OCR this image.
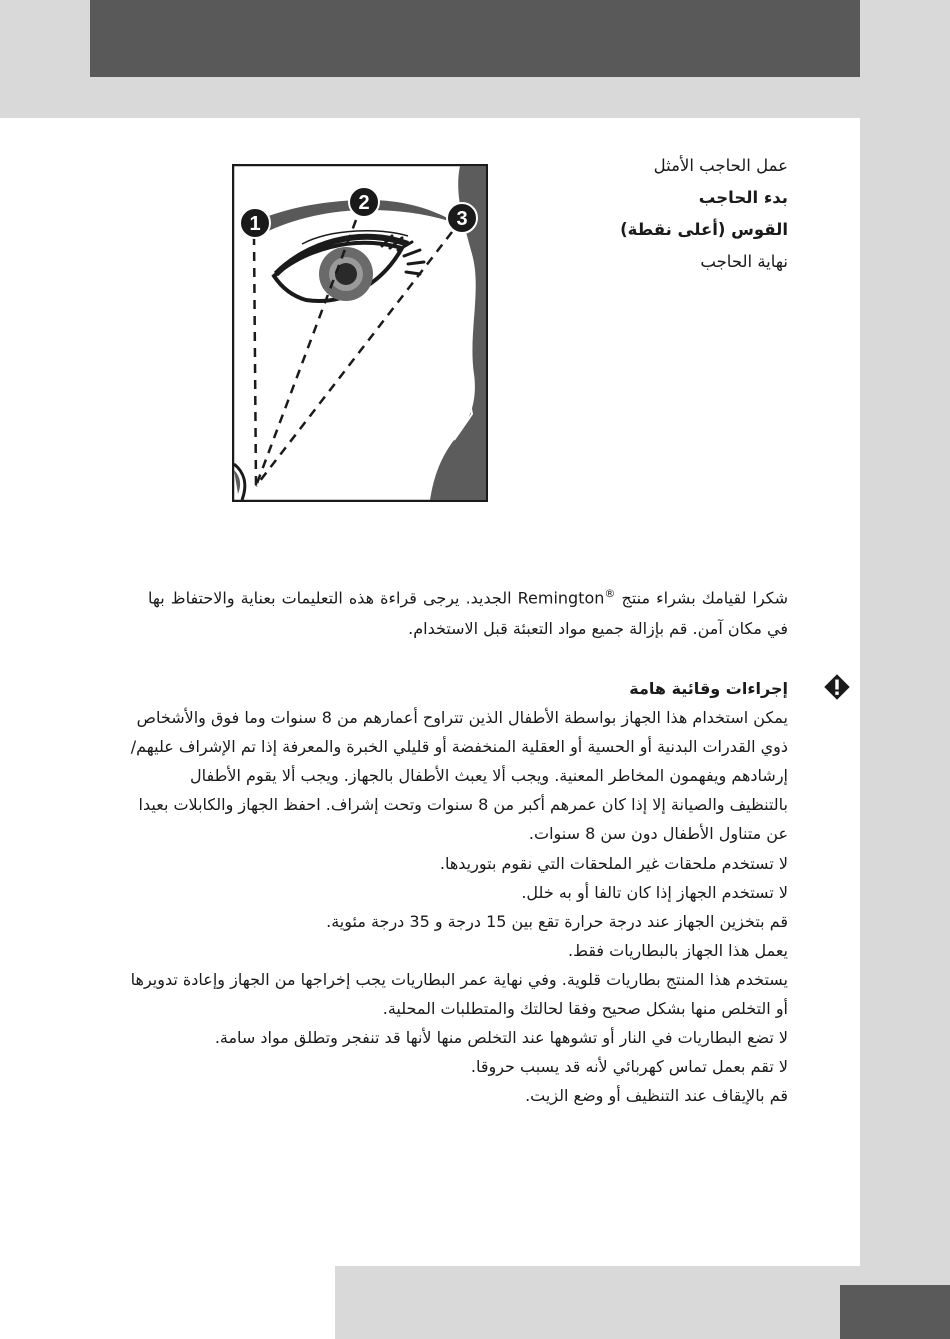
1
2
3
عمل الحاجب الأمثل
بدء الحاجب
القوس (أعلى نقطة)
نهاية الحاجب
شكرا لقيامك بشراء منتج ®Remington الجديد. يرجى قراءة هذه التعليمات بعناية والاحتفاظ بها في مكان آمن. قم بإزالة جميع مواد التعبئة قبل الاستخدام.
إجراءات وقائية هامة

يمكن استخدام هذا الجهاز بواسطة الأطفال الذين تتراوح أعمارهم من 8 سنوات وما فوق والأشخاص ذوي القدرات البدنية أو الحسية أو العقلية المنخفضة أو قليلي الخبرة والمعرفة إذا تم الإشراف عليهم/إرشادهم ويفهمون المخاطر المعنية. ويجب ألا يعبث الأطفال بالجهاز. ويجب ألا يقوم الأطفال بالتنظيف والصيانة إلا إذا كان عمرهم أكبر من 8 سنوات وتحت إشراف. احفظ الجهاز والكابلات بعيدا عن متناول الأطفال دون سن 8 سنوات.

لا تستخدم ملحقات غير الملحقات التي نقوم بتوريدها.

لا تستخدم الجهاز إذا كان تالفا أو به خلل.

قم بتخزين الجهاز عند درجة حرارة تقع بين 15 درجة و 35 درجة مئوية.

يعمل هذا الجهاز بالبطاريات فقط.

يستخدم هذا المنتج بطاريات قلوية. وفي نهاية عمر البطاريات يجب إخراجها من الجهاز وإعادة تدويرها أو التخلص منها بشكل صحيح وفقا لحالتك والمتطلبات المحلية.

لا تضع البطاريات في النار أو تشوهها عند التخلص منها لأنها قد تنفجر وتطلق مواد سامة.

لا تقم بعمل تماس كهربائي لأنه قد يسبب حروقا.

قم بالإيقاف عند التنظيف أو وضع الزيت.
